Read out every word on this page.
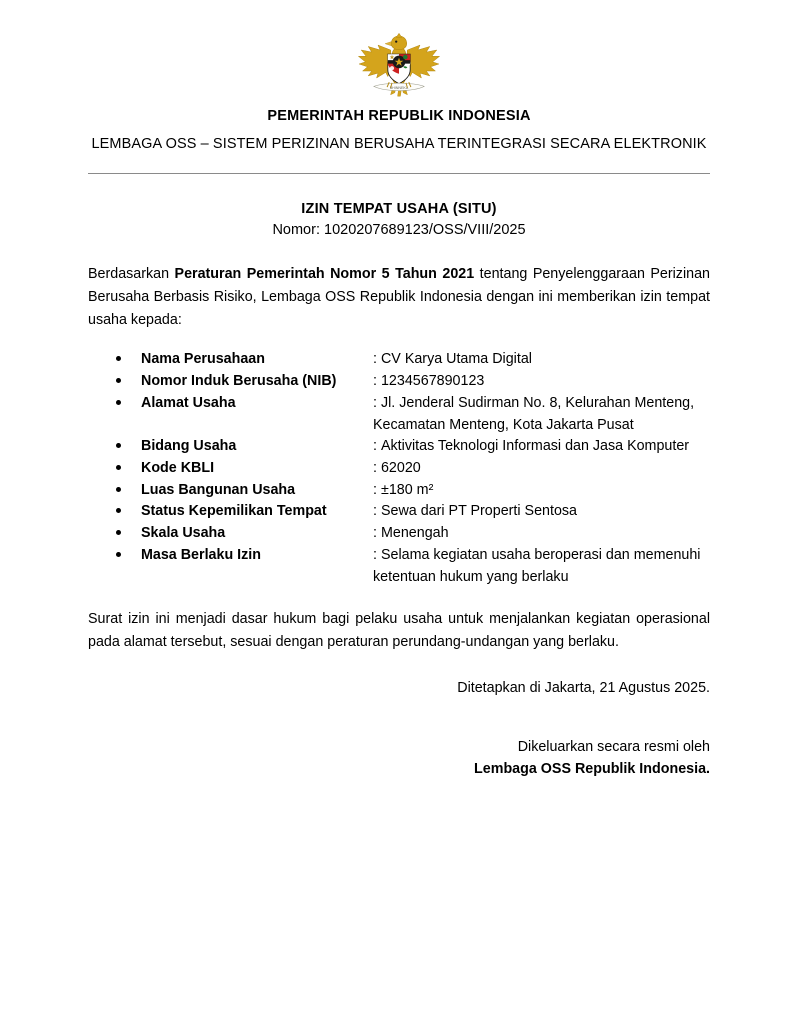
BHINNEKA
PEMERINTAH REPUBLIK INDONESIA
LEMBAGA OSS – SISTEM PERIZINAN BERUSAHA TERINTEGRASI SECARA ELEKTRONIK
IZIN TEMPAT USAHA (SITU)
Nomor: 1020207689123/OSS/VIII/2025

Berdasarkan Peraturan Pemerintah Nomor 5 Tahun 2021 tentang Penyelenggaraan Perizinan Berusaha Berbasis Risiko, Lembaga OSS Republik Indonesia dengan ini memberikan izin tempat usaha kepada:

Nama Perusahaan	: CV Karya Utama Digital
Nomor Induk Berusaha (NIB)	: 1234567890123
Alamat Usaha	: Jl. Jenderal Sudirman No. 8, Kelurahan Menteng, Kecamatan Menteng, Kota Jakarta Pusat
Bidang Usaha	: Aktivitas Teknologi Informasi dan Jasa Komputer
Kode KBLI	: 62020
Luas Bangunan Usaha	: ±180 m²
Status Kepemilikan Tempat	: Sewa dari PT Properti Sentosa
Skala Usaha	: Menengah
Masa Berlaku Izin	: Selama kegiatan usaha beroperasi dan memenuhi ketentuan hukum yang berlaku

Surat izin ini menjadi dasar hukum bagi pelaku usaha untuk menjalankan kegiatan operasional pada alamat tersebut, sesuai dengan peraturan perundang-undangan yang berlaku.

Ditetapkan di Jakarta, 21 Agustus 2025.
Dikeluarkan secara resmi oleh
Lembaga OSS Republik Indonesia.
